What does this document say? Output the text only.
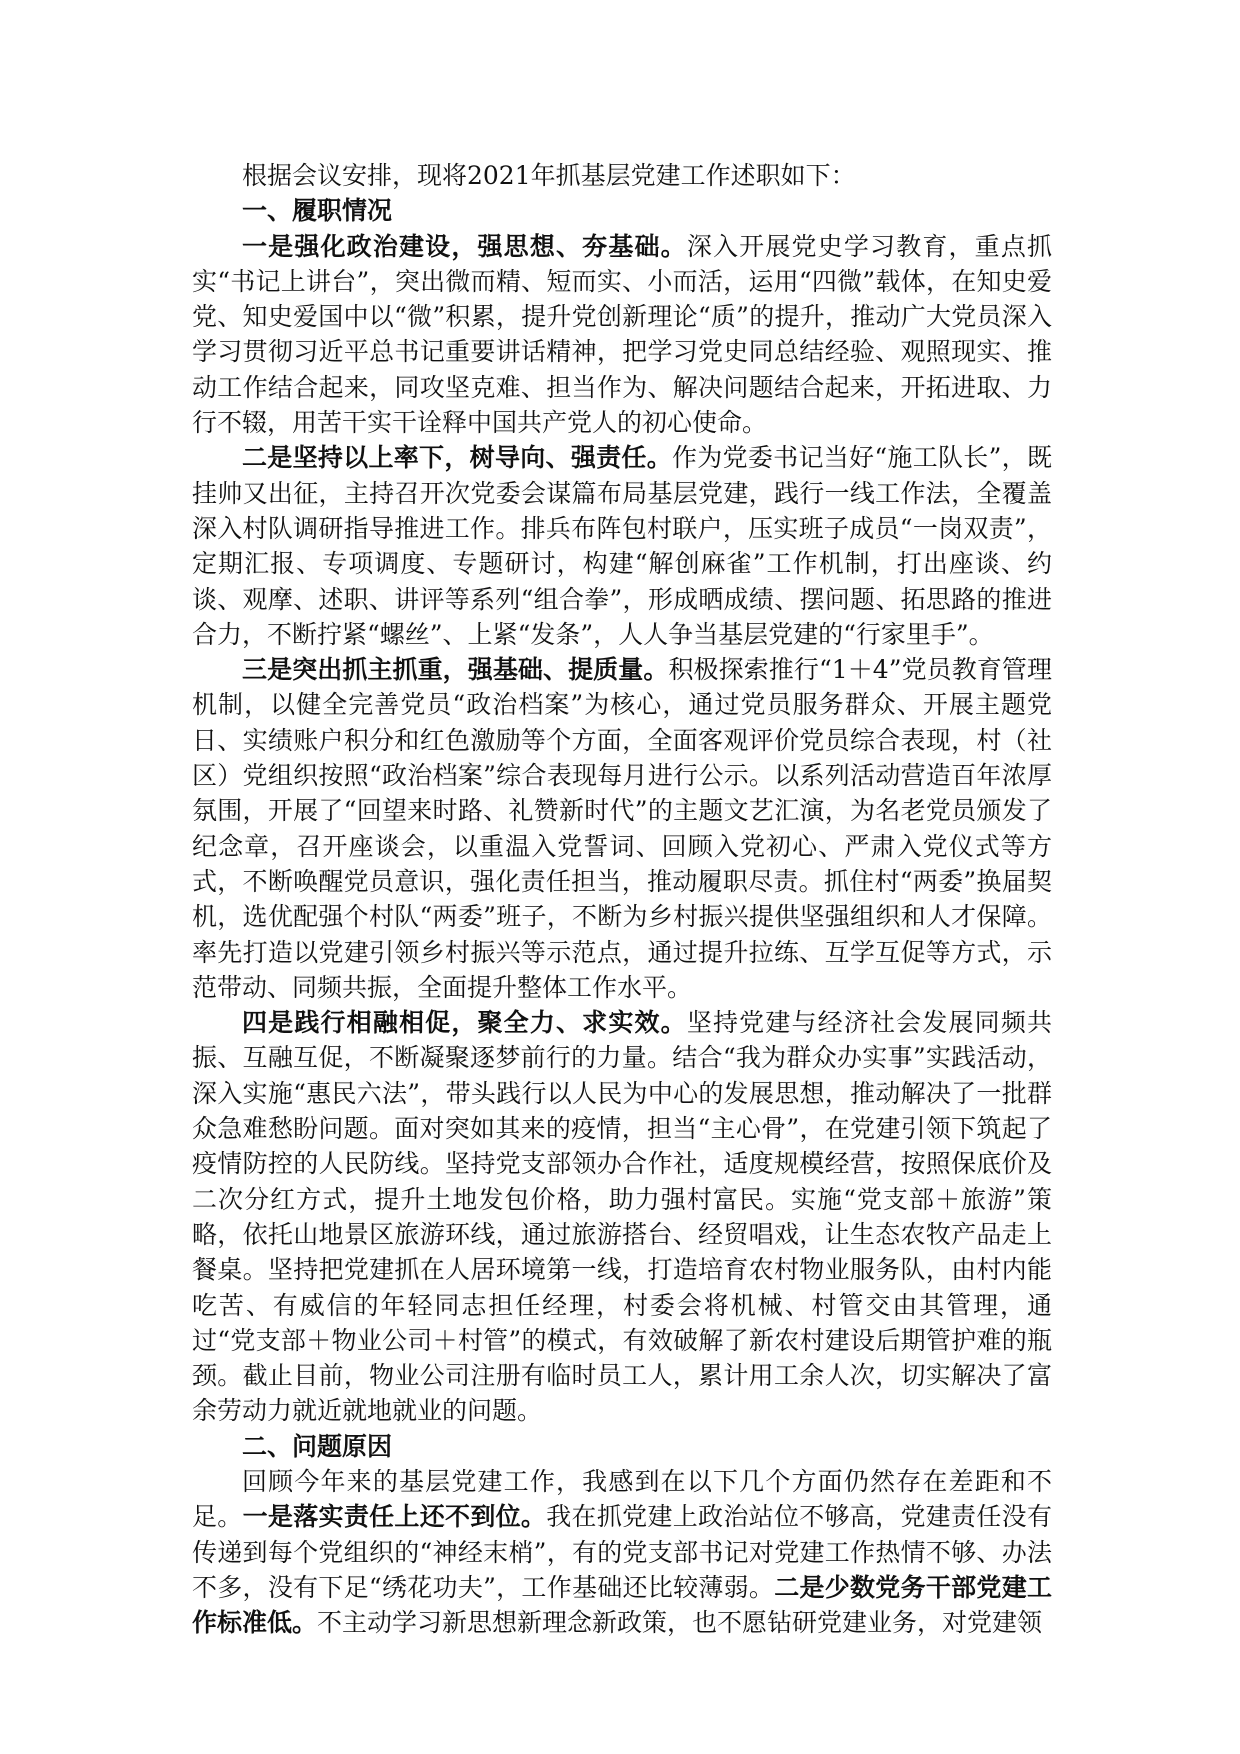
根据会议安排，现将2021年抓基层党建工作述职如下：

一、履职情况

一是强化政治建设，强思想、夯基础。深入开展党史学习教育，重点抓实“书记上讲台”，突出微而精、短而实、小而活，运用“四微”载体，在知史爱党、知史爱国中以“微”积累，提升党创新理论“质”的提升，推动广大党员深入学习贯彻习近平总书记重要讲话精神，把学习党史同总结经验、观照现实、推动工作结合起来，同攻坚克难、担当作为、解决问题结合起来，开拓进取、力行不辍，用苦干实干诠释中国共产党人的初心使命。

二是坚持以上率下，树导向、强责任。作为党委书记当好“施工队长”，既挂帅又出征，主持召开次党委会谋篇布局基层党建，践行一线工作法，全覆盖深入村队调研指导推进工作。排兵布阵包村联户，压实班子成员“一岗双责”，定期汇报、专项调度、专题研讨，构建“解创麻雀”工作机制，打出座谈、约谈、观摩、述职、讲评等系列“组合拳”，形成晒成绩、摆问题、拓思路的推进合力，不断拧紧“螺丝”、上紧“发条”，人人争当基层党建的“行家里手”。

三是突出抓主抓重，强基础、提质量。积极探索推行“1＋4”党员教育管理机制，以健全完善党员“政治档案”为核心，通过党员服务群众、开展主题党日、实绩账户积分和红色激励等个方面，全面客观评价党员综合表现，村（社区）党组织按照“政治档案”综合表现每月进行公示。以系列活动营造百年浓厚氛围，开展了“回望来时路、礼赞新时代”的主题文艺汇演，为名老党员颁发了纪念章，召开座谈会，以重温入党誓词、回顾入党初心、严肃入党仪式等方式，不断唤醒党员意识，强化责任担当，推动履职尽责。抓住村“两委”换届契机，选优配强个村队“两委”班子，不断为乡村振兴提供坚强组织和人才保障。率先打造以党建引领乡村振兴等示范点，通过提升拉练、互学互促等方式，示范带动、同频共振，全面提升整体工作水平。

四是践行相融相促，聚全力、求实效。坚持党建与经济社会发展同频共振、互融互促，不断凝聚逐梦前行的力量。结合“我为群众办实事”实践活动，深入实施“惠民六法”，带头践行以人民为中心的发展思想，推动解决了一批群众急难愁盼问题。面对突如其来的疫情，担当“主心骨”，在党建引领下筑起了疫情防控的人民防线。坚持党支部领办合作社，适度规模经营，按照保底价及二次分红方式，提升土地发包价格，助力强村富民。实施“党支部＋旅游”策略，依托山地景区旅游环线，通过旅游搭台、经贸唱戏，让生态农牧产品走上餐桌。坚持把党建抓在人居环境第一线，打造培育农村物业服务队，由村内能吃苦、有威信的年轻同志担任经理，村委会将机械、村管交由其管理，通过“党支部＋物业公司＋村管”的模式，有效破解了新农村建设后期管护难的瓶颈。截止目前，物业公司注册有临时员工人，累计用工余人次，切实解决了富余劳动力就近就地就业的问题。

二、问题原因

回顾今年来的基层党建工作，我感到在以下几个方面仍然存在差距和不足。一是落实责任上还不到位。我在抓党建上政治站位不够高，党建责任没有传递到每个党组织的“神经末梢”，有的党支部书记对党建工作热情不够、办法不多，没有下足“绣花功夫”，工作基础还比较薄弱。二是少数党务干部党建工作标准低。不主动学习新思想新理念新政策，也不愿钻研党建业务，对党建领
